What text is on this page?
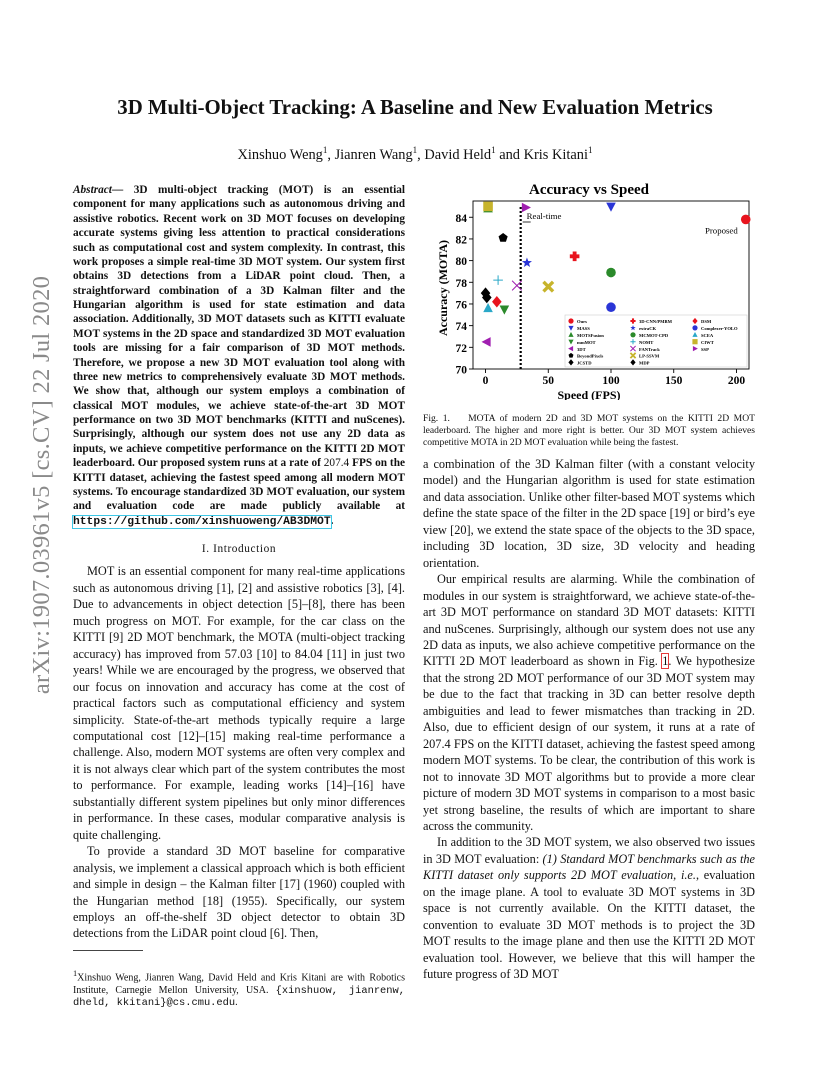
arXiv:1907.03961v5 [cs.CV] 22 Jul 2020
3D Multi-Object Tracking: A Baseline and New Evaluation Metrics

Xinshuo Weng$^1$, Jianren Wang$^1$, David Held$^1$ and Kris Kitani$^1$

Abstract— 3D multi-object tracking (MOT) is an essential component for many applications such as autonomous driving and assistive robotics. Recent work on 3D MOT focuses on developing accurate systems giving less attention to practical considerations such as computational cost and system complexity. In contrast, this work proposes a simple real-time 3D MOT system. Our system first obtains 3D detections from a LiDAR point cloud. Then, a straightforward combination of a 3D Kalman filter and the Hungarian algorithm is used for state estimation and data association. Additionally, 3D MOT datasets such as KITTI evaluate MOT systems in the 2D space and standardized 3D MOT evaluation tools are missing for a fair comparison of 3D MOT methods. Therefore, we propose a new 3D MOT evaluation tool along with three new metrics to comprehensively evaluate 3D MOT methods. We show that, although our system employs a combination of classical MOT modules, we achieve state-of-the-art 3D MOT performance on two 3D MOT benchmarks (KITTI and nuScenes). Surprisingly, although our system does not use any 2D data as inputs, we achieve competitive performance on the KITTI 2D MOT leaderboard. Our proposed system runs at a rate of 207.4 FPS on the KITTI dataset, achieving the fastest speed among all modern MOT systems. To encourage standardized 3D MOT evaluation, our system and evaluation code are made publicly available at https://github.com/xinshuoweng/AB3DMOT.

I. Introduction

MOT is an essential component for many real-time applications such as autonomous driving [1], [2] and assistive robotics [3], [4]. Due to advancements in object detection [5]–[8], there has been much progress on MOT. For example, for the car class on the KITTI [9] 2D MOT benchmark, the MOTA (multi-object tracking accuracy) has improved from 57.03 [10] to 84.04 [11] in just two years! While we are encouraged by the progress, we observed that our focus on innovation and accuracy has come at the cost of practical factors such as computational efficiency and system simplicity. State-of-the-art methods typically require a large computational cost [12]–[15] making real-time performance a challenge. Also, modern MOT systems are often very complex and it is not always clear which part of the system contributes the most to performance. For example, leading works [14]–[16] have substantially different system pipelines but only minor differences in performance. In these cases, modular comparative analysis is quite challenging.

To provide a standard 3D MOT baseline for comparative analysis, we implement a classical approach which is both efficient and simple in design – the Kalman filter [17] (1960) coupled with the Hungarian method [18] (1955). Specifically, our system employs an off-the-shelf 3D object detector to obtain 3D detections from the LiDAR point cloud [6]. Then,

$^1$Xinshuo Weng, Jianren Wang, David Held and Kris Kitani are with Robotics Institute, Carnegie Mellon University, USA. {xinshuow, jianrenw, dheld, kkitani}@cs.cmu.edu.

Accuracy vs Speed
Accuracy (MOTA)
Speed (FPS)
70
72
74
76
78
80
82
84
0	50	100	150	200
Real-time
Proposed
Ours
MASS
MOTSFusion
mmMOT
3DT
BeyondPixels
JCSTD
3D-CNN/PMBM
extraCK
MCMOT-CPD
NOMT
FANTrack
LP-SSVM
MDP
DSM
Complexer-YOLO
SCEA
CIWT
SSP

Fig. 1. MOTA of modern 2D and 3D MOT systems on the KITTI 2D MOT leaderboard. The higher and more right is better. Our 3D MOT system achieves competitive MOTA in 2D MOT evaluation while being the fastest.

a combination of the 3D Kalman filter (with a constant velocity model) and the Hungarian algorithm is used for state estimation and data association. Unlike other filter-based MOT systems which define the state space of the filter in the 2D space [19] or bird’s eye view [20], we extend the state space of the objects to the 3D space, including 3D location, 3D size, 3D velocity and heading orientation.

Our empirical results are alarming. While the combination of modules in our system is straightforward, we achieve state-of-the-art 3D MOT performance on standard 3D MOT datasets: KITTI and nuScenes. Surprisingly, although our system does not use any 2D data as inputs, we also achieve competitive performance on the KITTI 2D MOT leaderboard as shown in Fig. 1. We hypothesize that the strong 2D MOT performance of our 3D MOT system may be due to the fact that tracking in 3D can better resolve depth ambiguities and lead to fewer mismatches than tracking in 2D. Also, due to efficient design of our system, it runs at a rate of 207.4 FPS on the KITTI dataset, achieving the fastest speed among modern MOT systems. To be clear, the contribution of this work is not to innovate 3D MOT algorithms but to provide a more clear picture of modern 3D MOT systems in comparison to a most basic yet strong baseline, the results of which are important to share across the community.

In addition to the 3D MOT system, we also observed two issues in 3D MOT evaluation: (1) Standard MOT benchmarks such as the KITTI dataset only supports 2D MOT evaluation, i.e., evaluation on the image plane. A tool to evaluate 3D MOT systems in 3D space is not currently available. On the KITTI dataset, the convention to evaluate 3D MOT methods is to project the 3D MOT results to the image plane and then use the KITTI 2D MOT evaluation tool. However, we believe that this will hamper the future progress of 3D MOT
